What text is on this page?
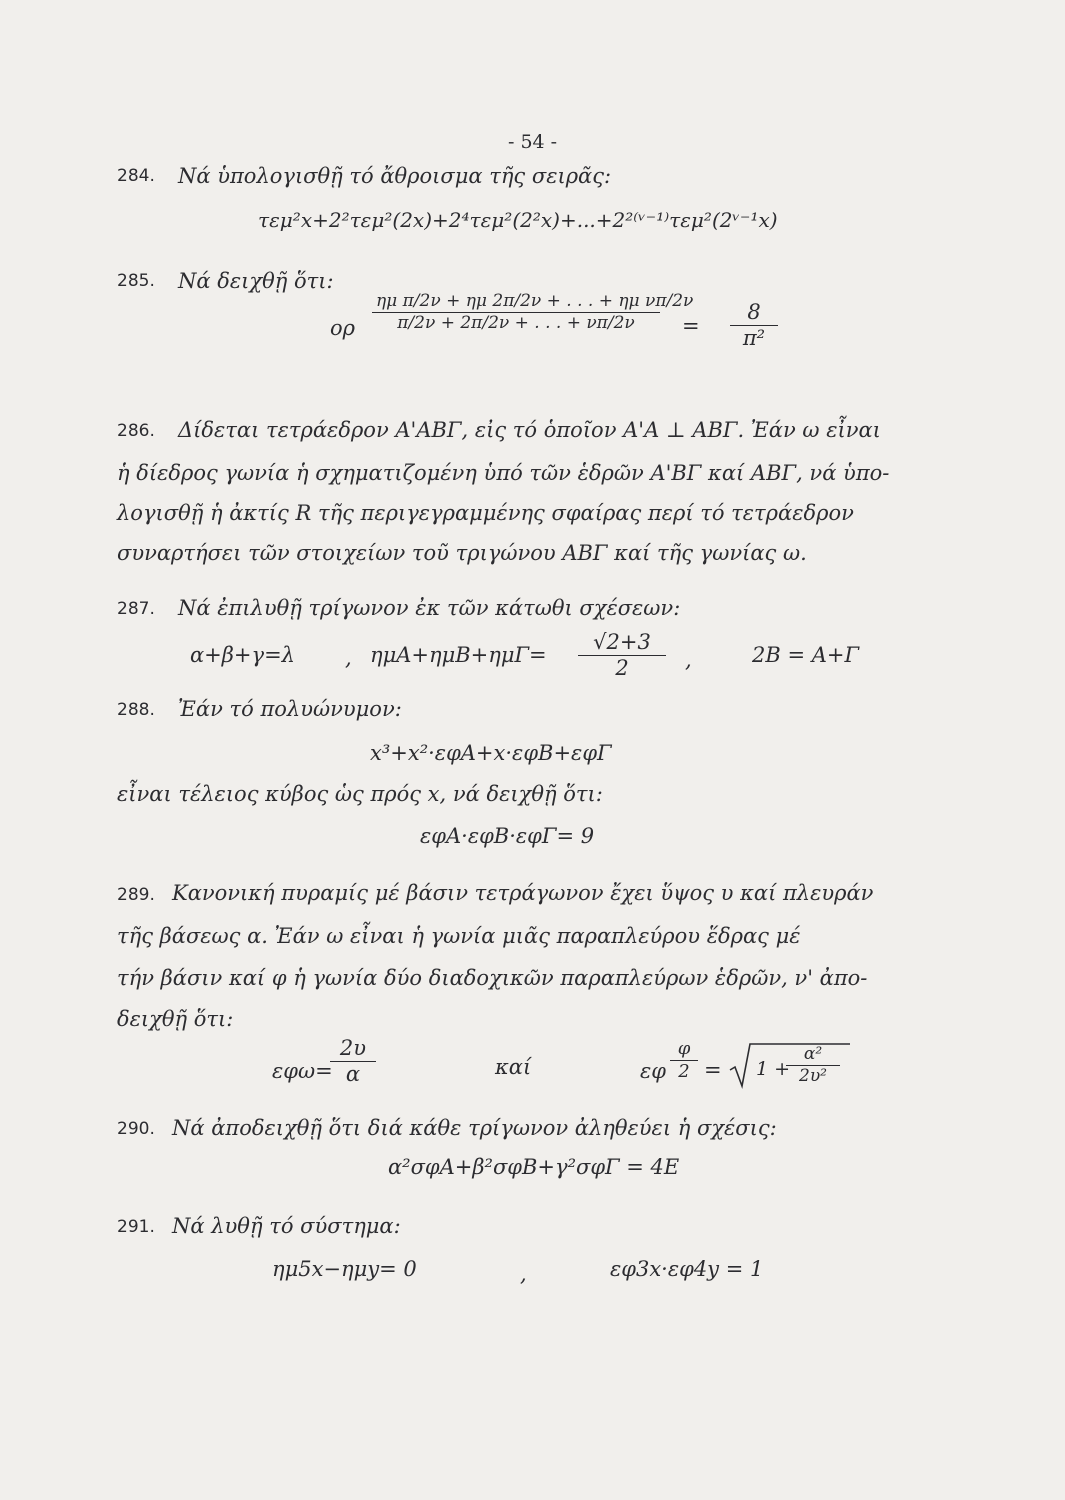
- 54 -
284. Νά ὑπολογισθῇ τό ἄθροισμα τῆς σειρᾶς:
τεμ²x+2²τεμ²(2x)+2⁴τεμ²(2²x)+...+2²⁽ᵛ⁻¹⁾τεμ²(2ᵛ⁻¹x)
285. Νά δειχθῇ ὅτι:
ορ $\frac{\text{ημ π/2ν + ημ 2π/2ν + . . . + ημ νπ/2ν}}{\pi/2\nu + 2\pi/2\nu + . . . + \nu\pi/2\nu} = \frac{8}{\text{π²}}$
286. Δίδεται τετράεδρον Α'ΑΒΓ, εἰς τό ὁποῖον Α'Α ⊥ ΑΒΓ. Ἐάν ω εἶναι
ἡ δίεδρος γωνία ἡ σχηματιζομένη ὑπό τῶν ἑδρῶν Α'ΒΓ καί ΑΒΓ, νά ὑπο-
λογισθῇ ἡ ἀκτίς R τῆς περιγεγραμμένης σφαίρας περί τό τετράεδρον
συναρτήσει τῶν στοιχείων τοῦ τριγώνου ΑΒΓ καί τῆς γωνίας ω.
287. Νά ἐπιλυθῇ τρίγωνον ἐκ τῶν κάτωθι σχέσεων:
α+β+γ=λ , $\eta\mu A+\eta\mu B+\eta\mu\Gamma= \frac{√2+3}{2}$ ,	2Β = Α+Γ
288. Ἐάν τό πολυώνυμον:
x³+x²·εφΑ+x·εφΒ+εφΓ
εἶναι τέλειος κύβος ὡς πρός x, νά δειχθῇ ὅτι:
εφΑ·εφΒ·εφΓ= 9
289. Κανονική πυραμίς μέ βάσιν τετράγωνον ἔχει ὕψος υ καί πλευράν
τῆς βάσεως α. Ἐάν ω εἶναι ἡ γωνία μιᾶς παραπλεύρου ἕδρας μέ
τήν βάσιν καί φ ἡ γωνία δύο διαδοχικῶν παραπλεύρων ἑδρῶν, ν' ἀπο-
δειχθῇ ὅτι:
εφω=
$\frac{2\upsilon}{\alpha}$	καί	εφ $\frac{\varphi}{2} = 1$ +
$\frac{\text{α²}}{\text{2υ²}}$
290. Νά ἀποδειχθῇ ὅτι διά κάθε τρίγωνον ἀληθεύει ἡ σχέσις:
α²σφΑ+β²σφΒ+γ²σφΓ = 4E
291. Νά λυθῇ τό σύστημα:
ημ5x−ημy= 0	,	εφ3x·εφ4y = 1
